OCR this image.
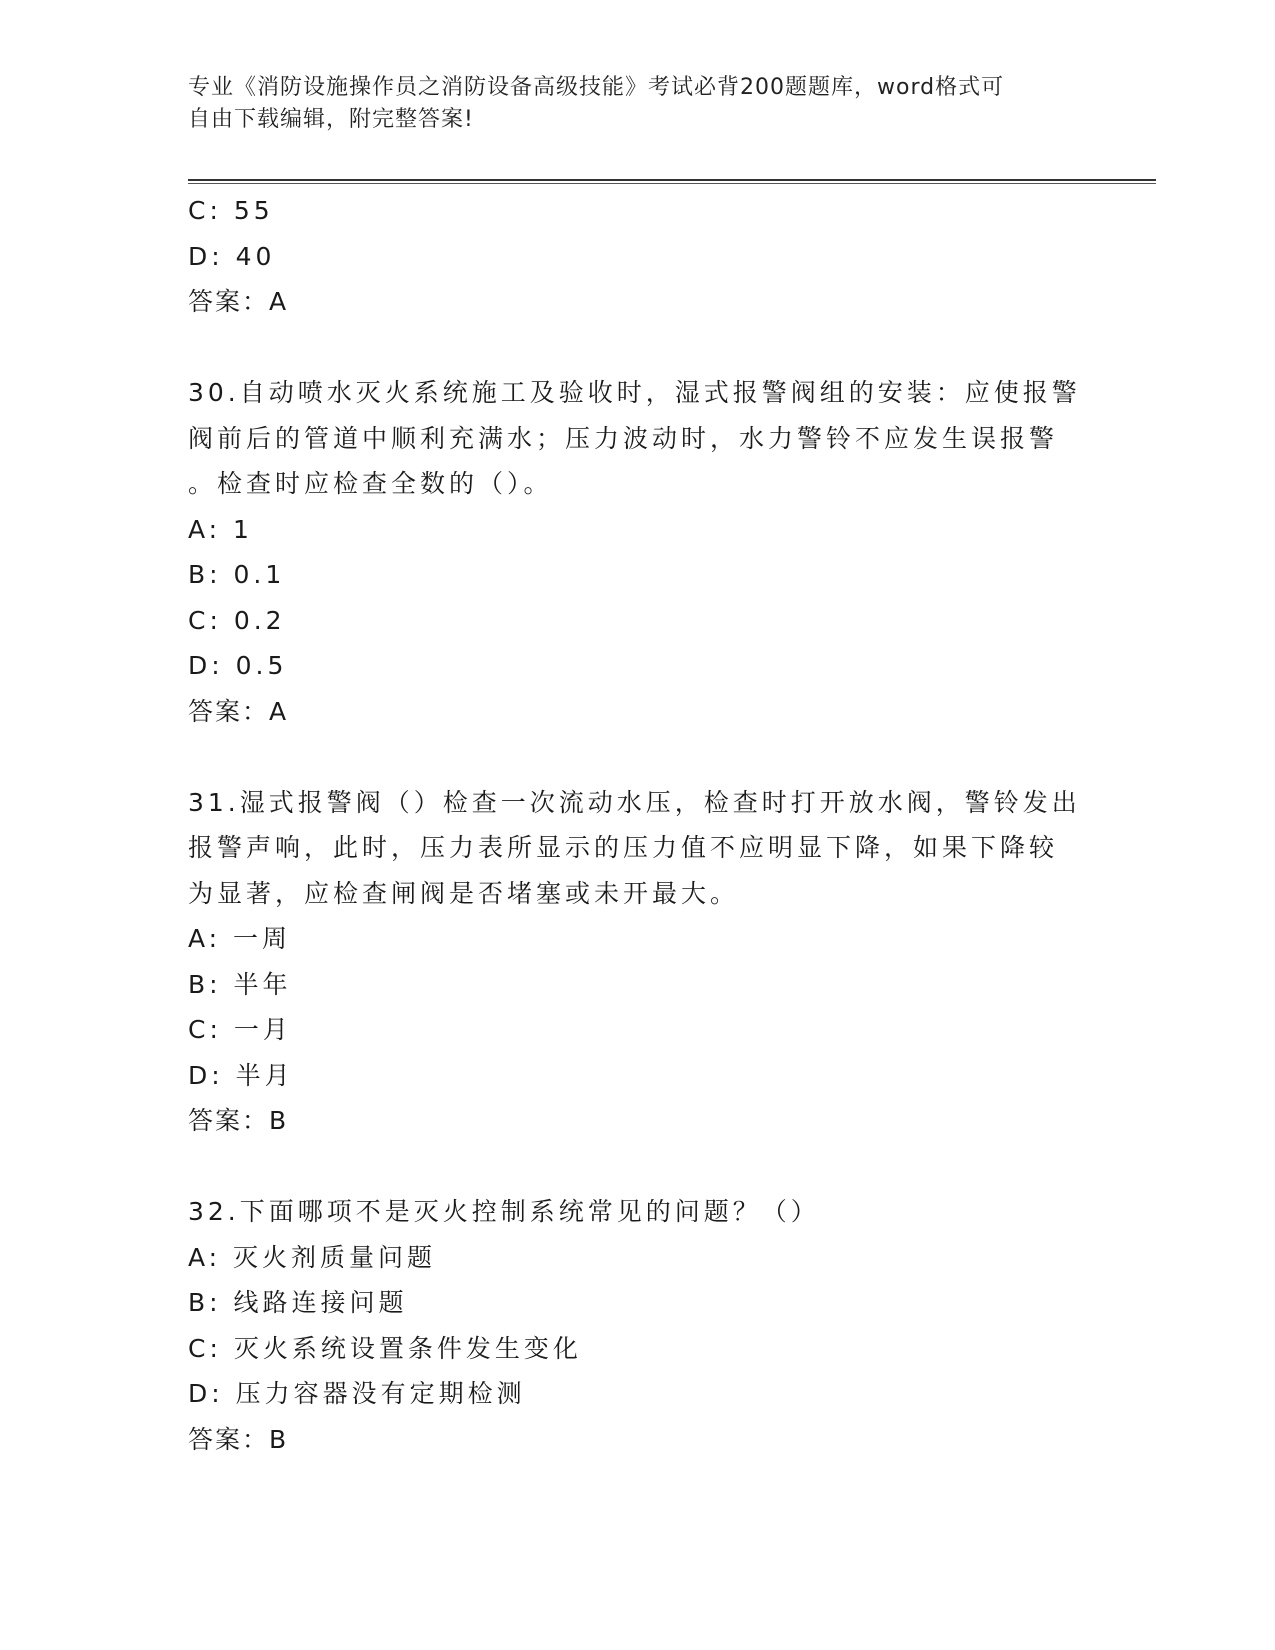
专业《消防设施操作员之消防设备高级技能》考试必背200题题库，word格式可
自由下载编辑，附完整答案!
C: 55
D: 40
答案：A
30.自动喷水灭火系统施工及验收时，湿式报警阀组的安装：应使报警
阀前后的管道中顺利充满水；压力波动时，水力警铃不应发生误报警
。检查时应检查全数的（）。
A: 1
B: 0.1
C: 0.2
D: 0.5
答案：A
31.湿式报警阀（）检查一次流动水压，检查时打开放水阀，警铃发出
报警声响，此时，压力表所显示的压力值不应明显下降，如果下降较
为显著，应检查闸阀是否堵塞或未开最大。
A: 一周
B: 半年
C: 一月
D: 半月
答案：B
32.下面哪项不是灭火控制系统常见的问题？（）
A: 灭火剂质量问题
B: 线路连接问题
C: 灭火系统设置条件发生变化
D: 压力容器没有定期检测
答案：B
